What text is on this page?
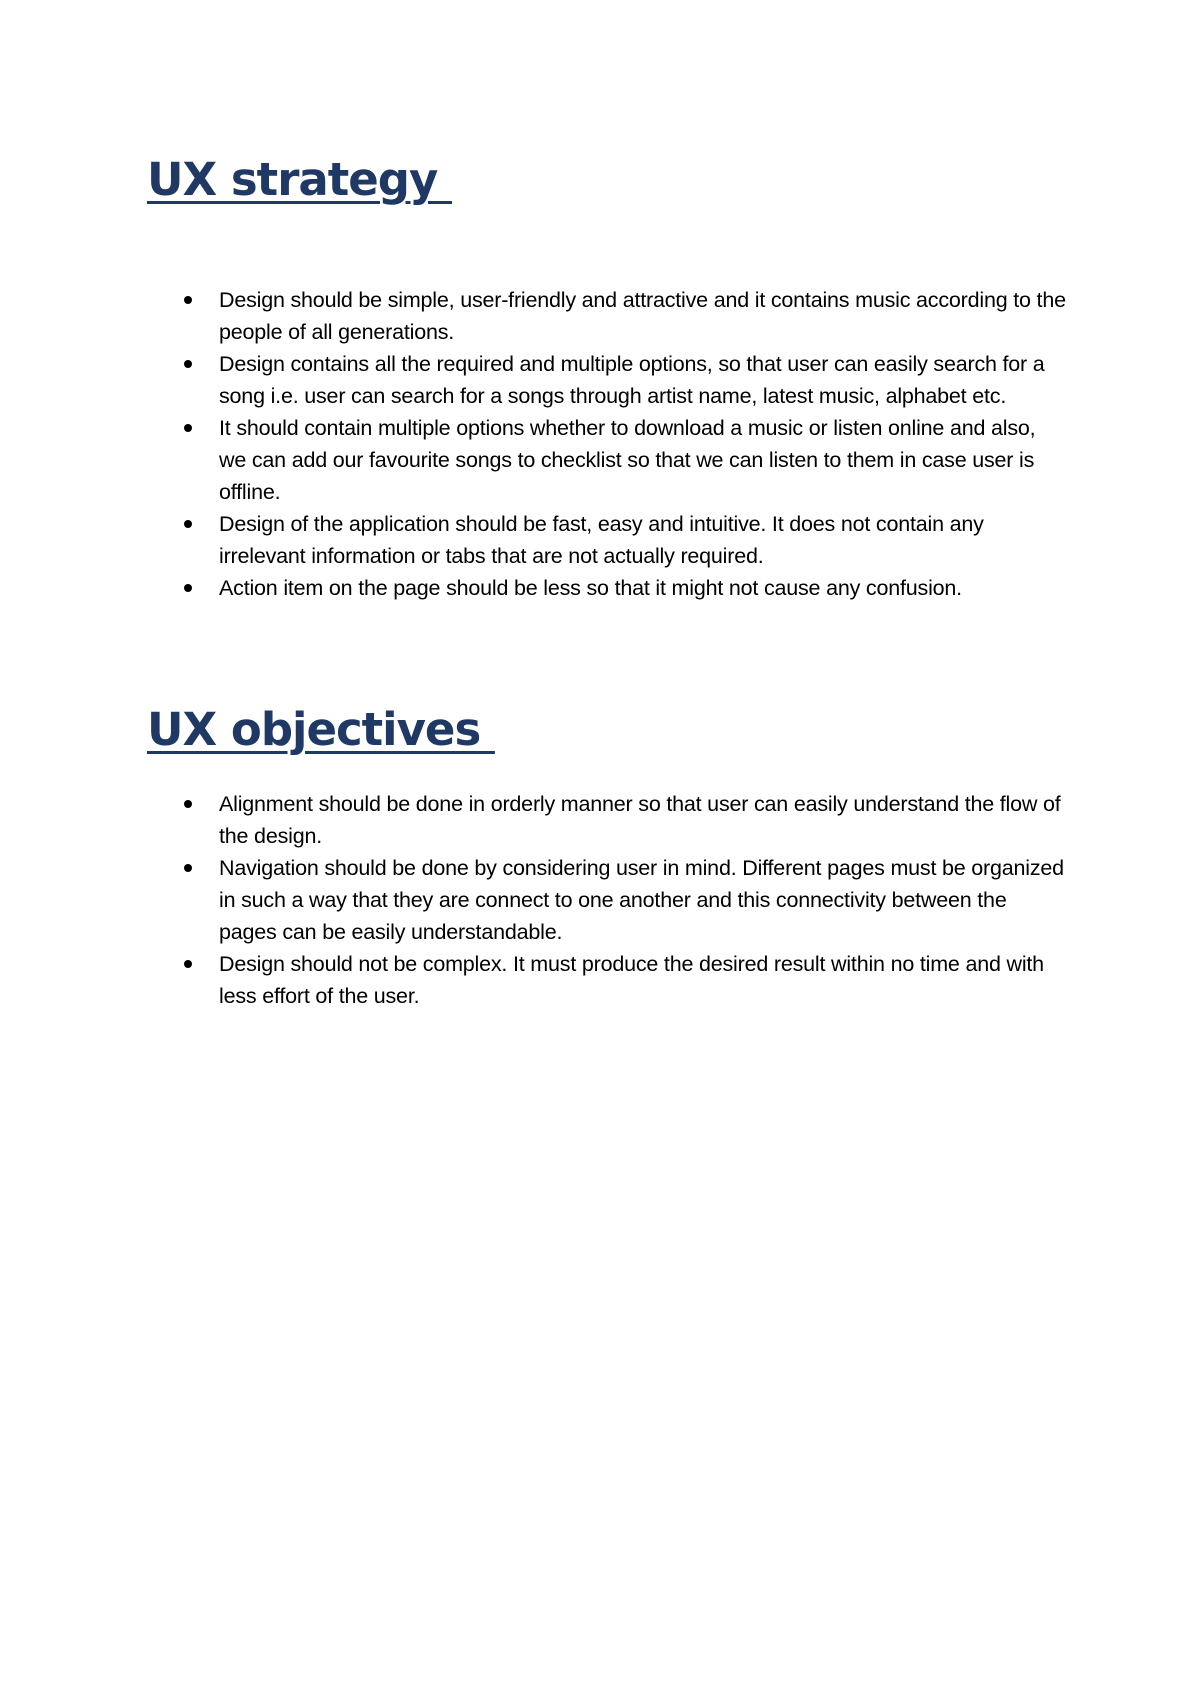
UX strategy
Design should be simple, user-friendly and attractive and it contains music according to the people of all generations.
Design contains all the required and multiple options, so that user can easily search for a song i.e. user can search for a songs through artist name, latest music, alphabet etc.
It should contain multiple options whether to download a music or listen online and also, we can add our favourite songs to checklist so that we can listen to them in case user is offline.
Design of the application should be fast, easy and intuitive. It does not contain any irrelevant information or tabs that are not actually required.
Action item on the page should be less so that it might not cause any confusion.
UX objectives
Alignment should be done in orderly manner so that user can easily understand the flow of the design.
Navigation should be done by considering user in mind. Different pages must be organized in such a way that they are connect to one another and this connectivity between the pages can be easily understandable.
Design should not be complex. It must produce the desired result within no time and with less effort of the user.
